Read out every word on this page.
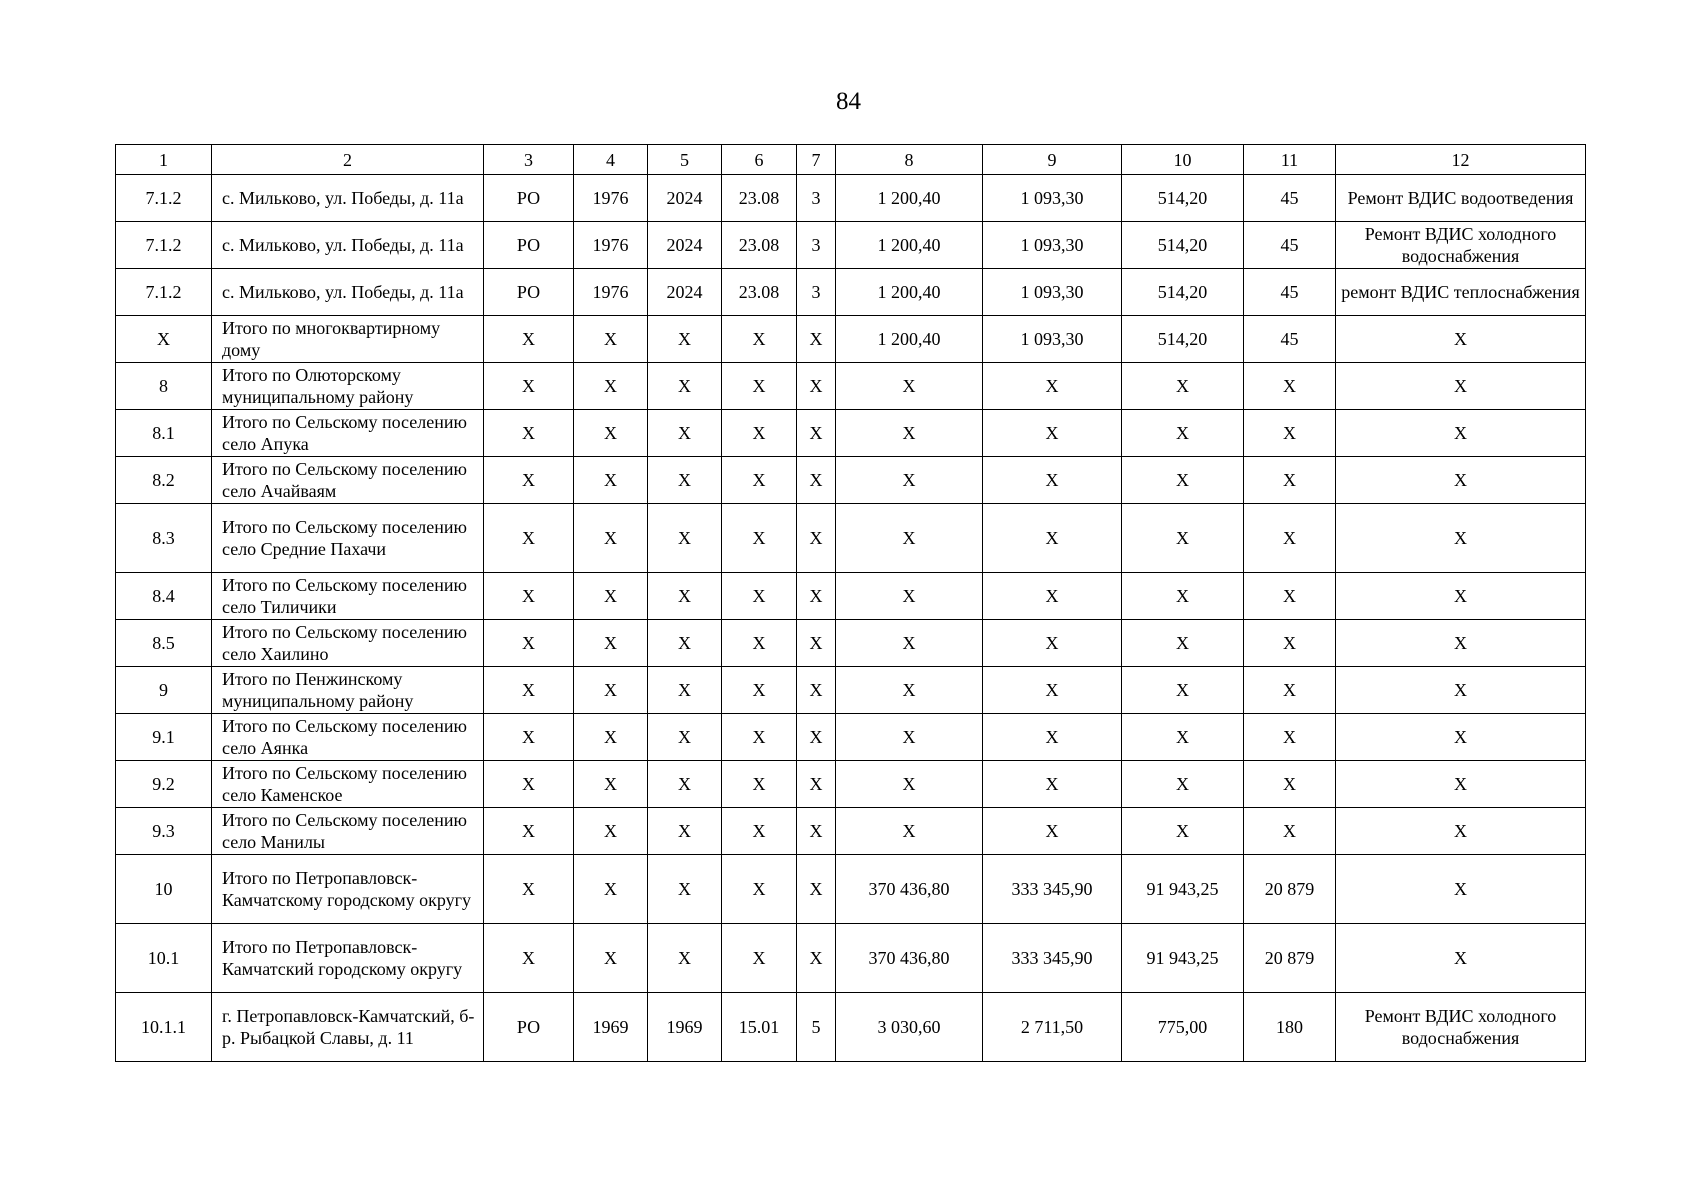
84
1	2	3	4	5	6	7	8	9	10	11	12
7.1.2	с. Мильково, ул. Победы, д. 11а	РО	1976	2024	23.08	3	1 200,40	1 093,30	514,20	45	Ремонт ВДИС водоотведения
7.1.2	с. Мильково, ул. Победы, д. 11а	РО	1976	2024	23.08	3	1 200,40	1 093,30	514,20	45	Ремонт ВДИС холодного водоснабжения
7.1.2	с. Мильково, ул. Победы, д. 11а	РО	1976	2024	23.08	3	1 200,40	1 093,30	514,20	45	ремонт ВДИС теплоснабжения
Х	Итого по многоквартирному дому	Х	Х	Х	Х	Х	1 200,40	1 093,30	514,20	45	Х
8	Итого по Олюторскому муниципальному району	Х	Х	Х	Х	Х	Х	Х	Х	Х	Х
8.1	Итого по Сельскому поселению село Апука	Х	Х	Х	Х	Х	Х	Х	Х	Х	Х
8.2	Итого по Сельскому поселению село Ачайваям	Х	Х	Х	Х	Х	Х	Х	Х	Х	Х
8.3	Итого по Сельскому поселению село Средние Пахачи	Х	Х	Х	Х	Х	Х	Х	Х	Х	Х
8.4	Итого по Сельскому поселению село Тиличики	Х	Х	Х	Х	Х	Х	Х	Х	Х	Х
8.5	Итого по Сельскому поселению село Хаилино	Х	Х	Х	Х	Х	Х	Х	Х	Х	Х
9	Итого по Пенжинскому муниципальному району	Х	Х	Х	Х	Х	Х	Х	Х	Х	Х
9.1	Итого по Сельскому поселению село Аянка	Х	Х	Х	Х	Х	Х	Х	Х	Х	Х
9.2	Итого по Сельскому поселению село Каменское	Х	Х	Х	Х	Х	Х	Х	Х	Х	Х
9.3	Итого по Сельскому поселению село Манилы	Х	Х	Х	Х	Х	Х	Х	Х	Х	Х
10	Итого по Петропавловск-Камчатскому городскому округу	Х	Х	Х	Х	Х	370 436,80	333 345,90	91 943,25	20 879	Х
10.1	Итого по Петропавловск-Камчатский городскому округу	Х	Х	Х	Х	Х	370 436,80	333 345,90	91 943,25	20 879	Х
10.1.1	г. Петропавловск-Камчатский, б-р. Рыбацкой Славы, д. 11	РО	1969	1969	15.01	5	3 030,60	2 711,50	775,00	180	Ремонт ВДИС холодного водоснабжения
